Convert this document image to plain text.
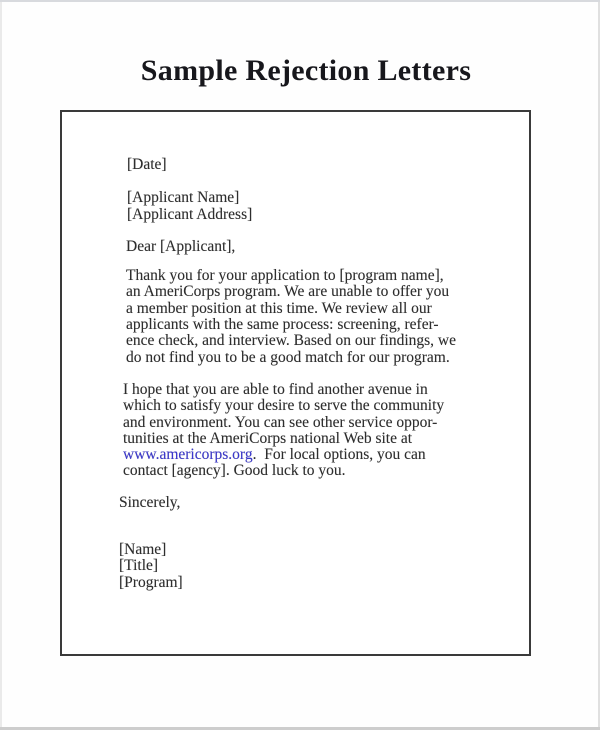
Sample Rejection Letters
[Date]
[Applicant Name]
[Applicant Address]
Dear [Applicant],
Thank you for your application to [program name],
an AmeriCorps program. We are unable to offer you
a member position at this time. We review all our
applicants with the same process: screening, refer-
ence check, and interview. Based on our findings, we
do not find you to be a good match for our program.
I hope that you are able to find another avenue in
which to satisfy your desire to serve the community
and environment. You can see other service oppor-
tunities at the AmeriCorps national Web site at
www.americorps.org.  For local options, you can
contact [agency]. Good luck to you.
Sincerely,
[Name]
[Title]
[Program]
